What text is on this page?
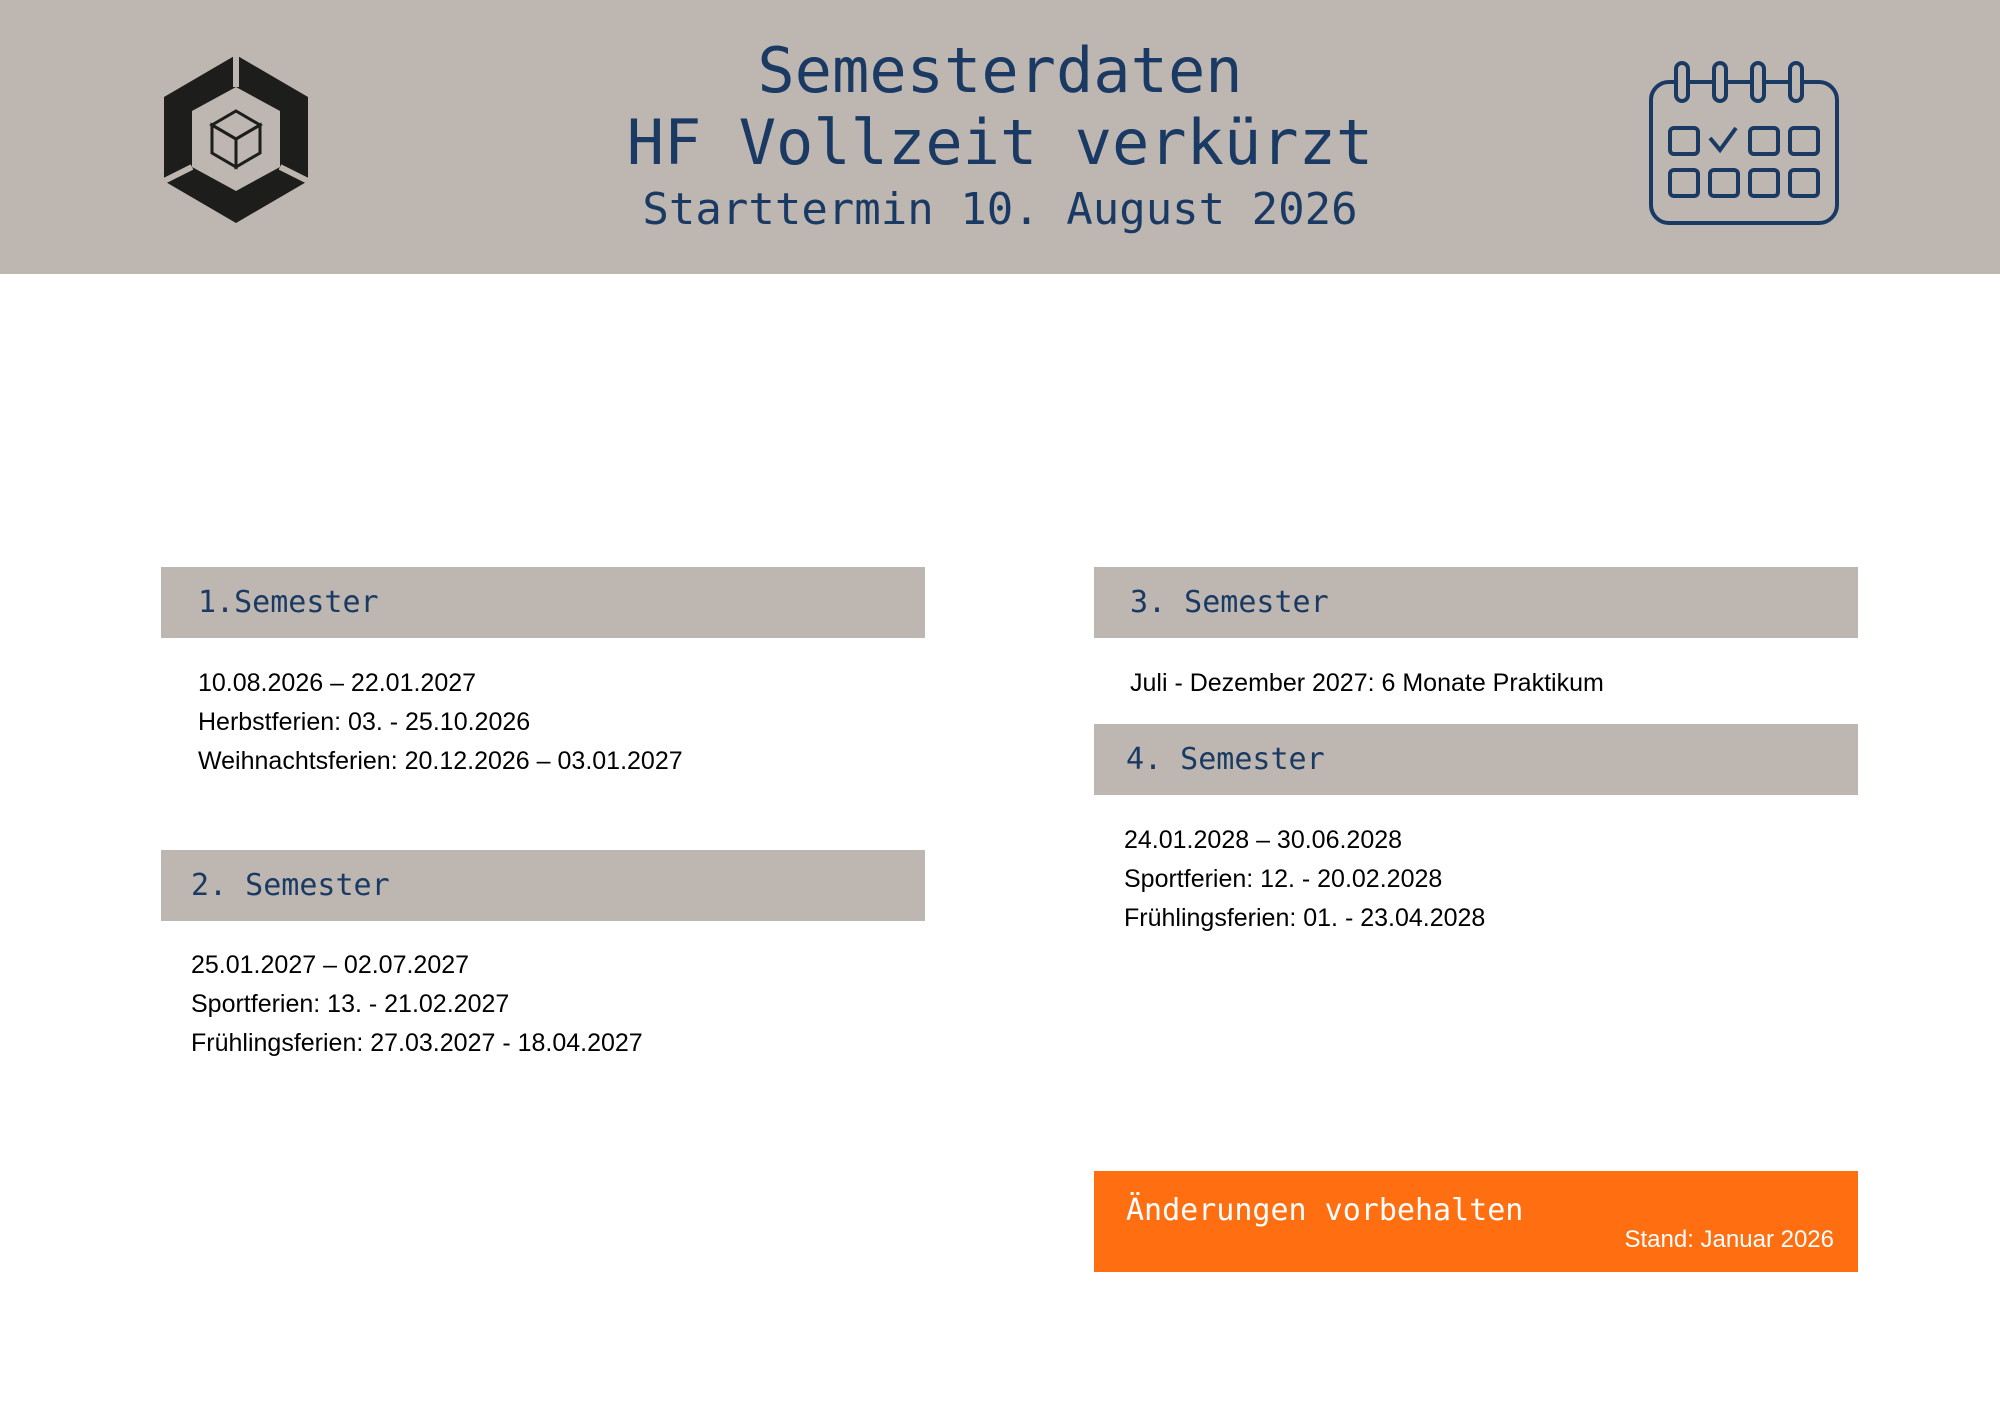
Semesterdaten
HF Vollzeit verkürzt
Starttermin 10. August 2026
1.Semester
10.08.2026 – 22.01.2027
Herbstferien: 03. - 25.10.2026
Weihnachtsferien: 20.12.2026 – 03.01.2027
2. Semester
25.01.2027 – 02.07.2027
Sportferien: 13. - 21.02.2027
Frühlingsferien: 27.03.2027 - 18.04.2027
3. Semester
Juli - Dezember 2027: 6 Monate Praktikum
4. Semester
24.01.2028 – 30.06.2028
Sportferien: 12. - 20.02.2028
Frühlingsferien: 01. - 23.04.2028
Änderungen vorbehalten
Stand: Januar 2026
